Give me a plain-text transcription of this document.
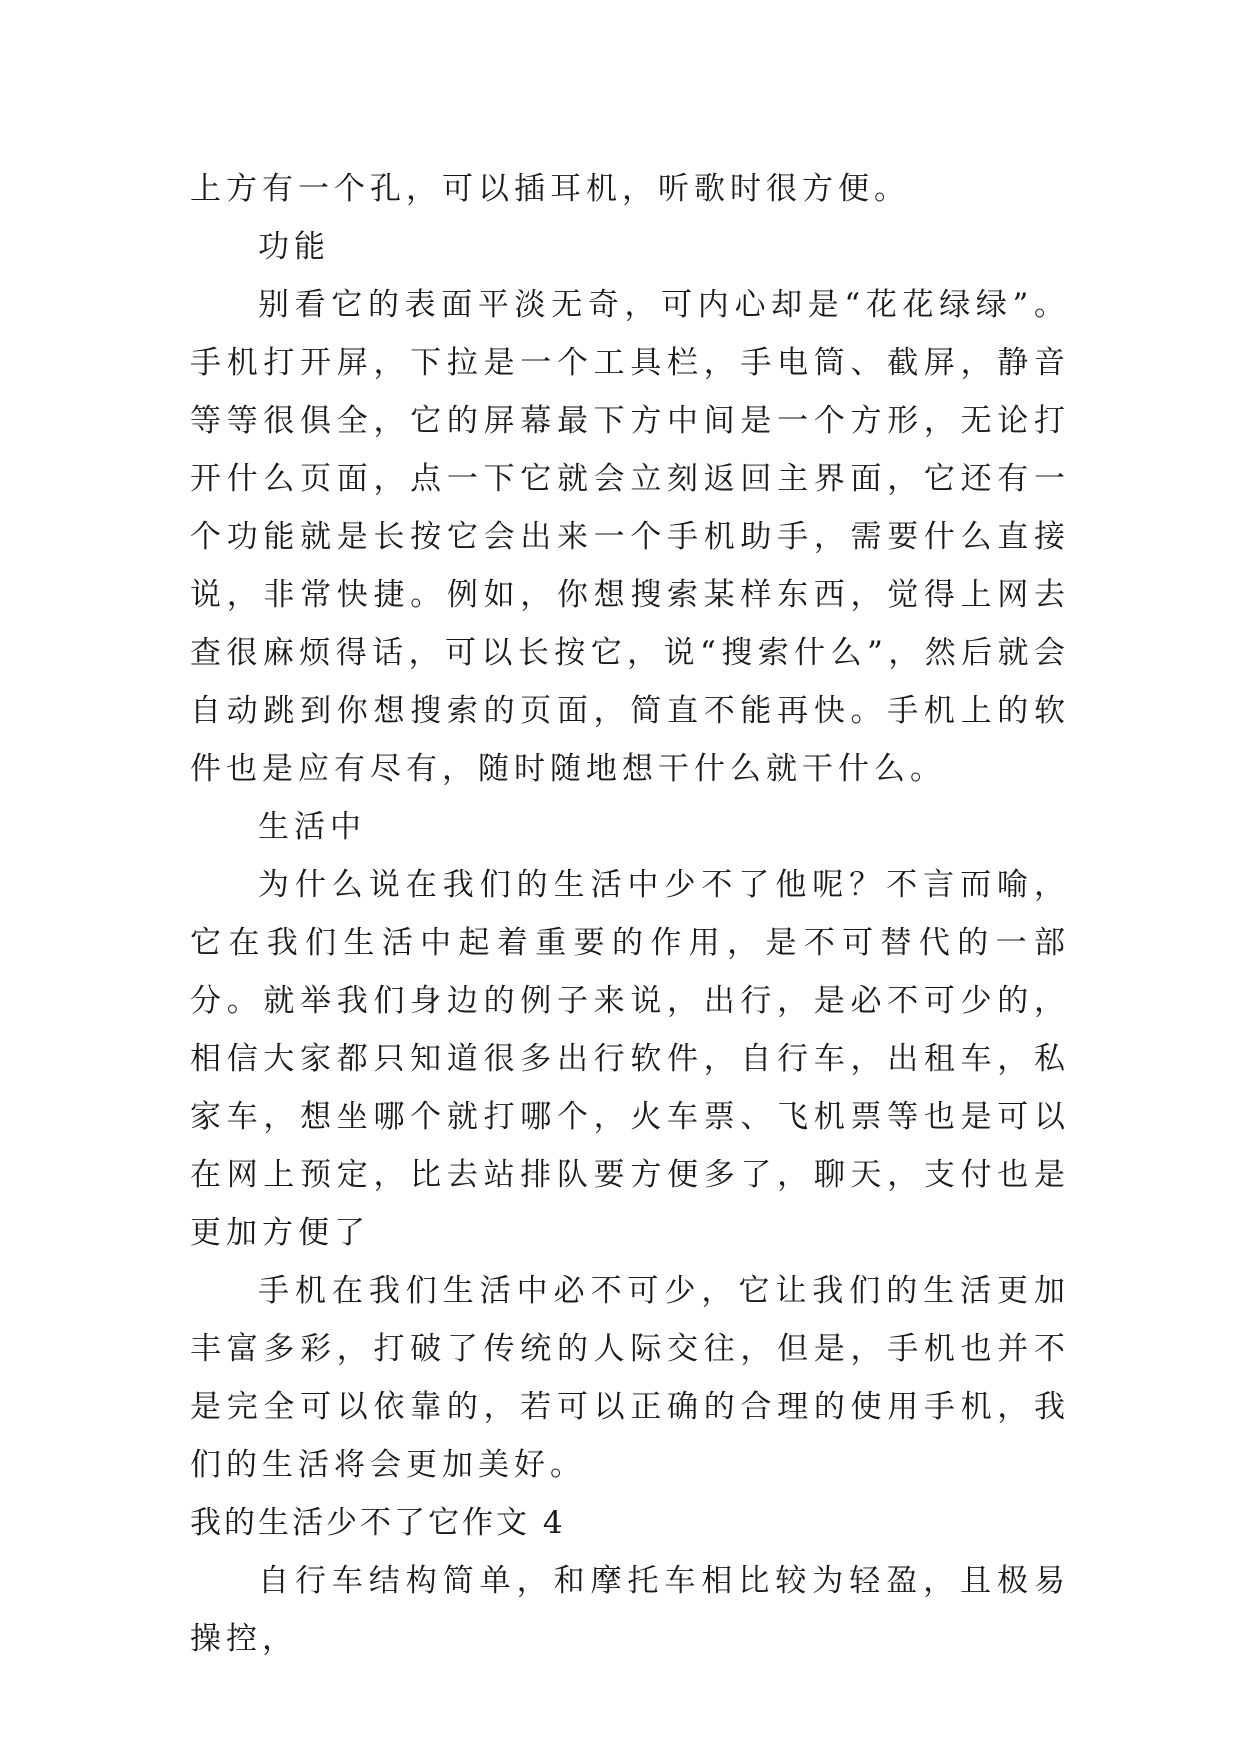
上方有一个孔，可以插耳机，听歌时很方便。

功能

别看它的表面平淡无奇，可内心却是“花花绿绿”。手机打开屏，下拉是一个工具栏，手电筒、截屏，静音等等很俱全，它的屏幕最下方中间是一个方形，无论打开什么页面，点一下它就会立刻返回主界面，它还有一个功能就是长按它会出来一个手机助手，需要什么直接说，非常快捷。例如，你想搜索某样东西，觉得上网去查很麻烦得话，可以长按它，说“搜索什么”，然后就会自动跳到你想搜索的页面，简直不能再快。手机上的软件也是应有尽有，随时随地想干什么就干什么。

生活中

为什么说在我们的生活中少不了他呢？不言而喻，它在我们生活中起着重要的作用，是不可替代的一部分。就举我们身边的例子来说，出行，是必不可少的，相信大家都只知道很多出行软件，自行车，出租车，私家车，想坐哪个就打哪个，火车票、飞机票等也是可以在网上预定，比去站排队要方便多了，聊天，支付也是更加方便了

手机在我们生活中必不可少，它让我们的生活更加丰富多彩，打破了传统的人际交往，但是，手机也并不是完全可以依靠的，若可以正确的合理的使用手机，我们的生活将会更加美好。

我的生活少不了它作文 4

自行车结构简单，和摩托车相比较为轻盈，且极易操控，
